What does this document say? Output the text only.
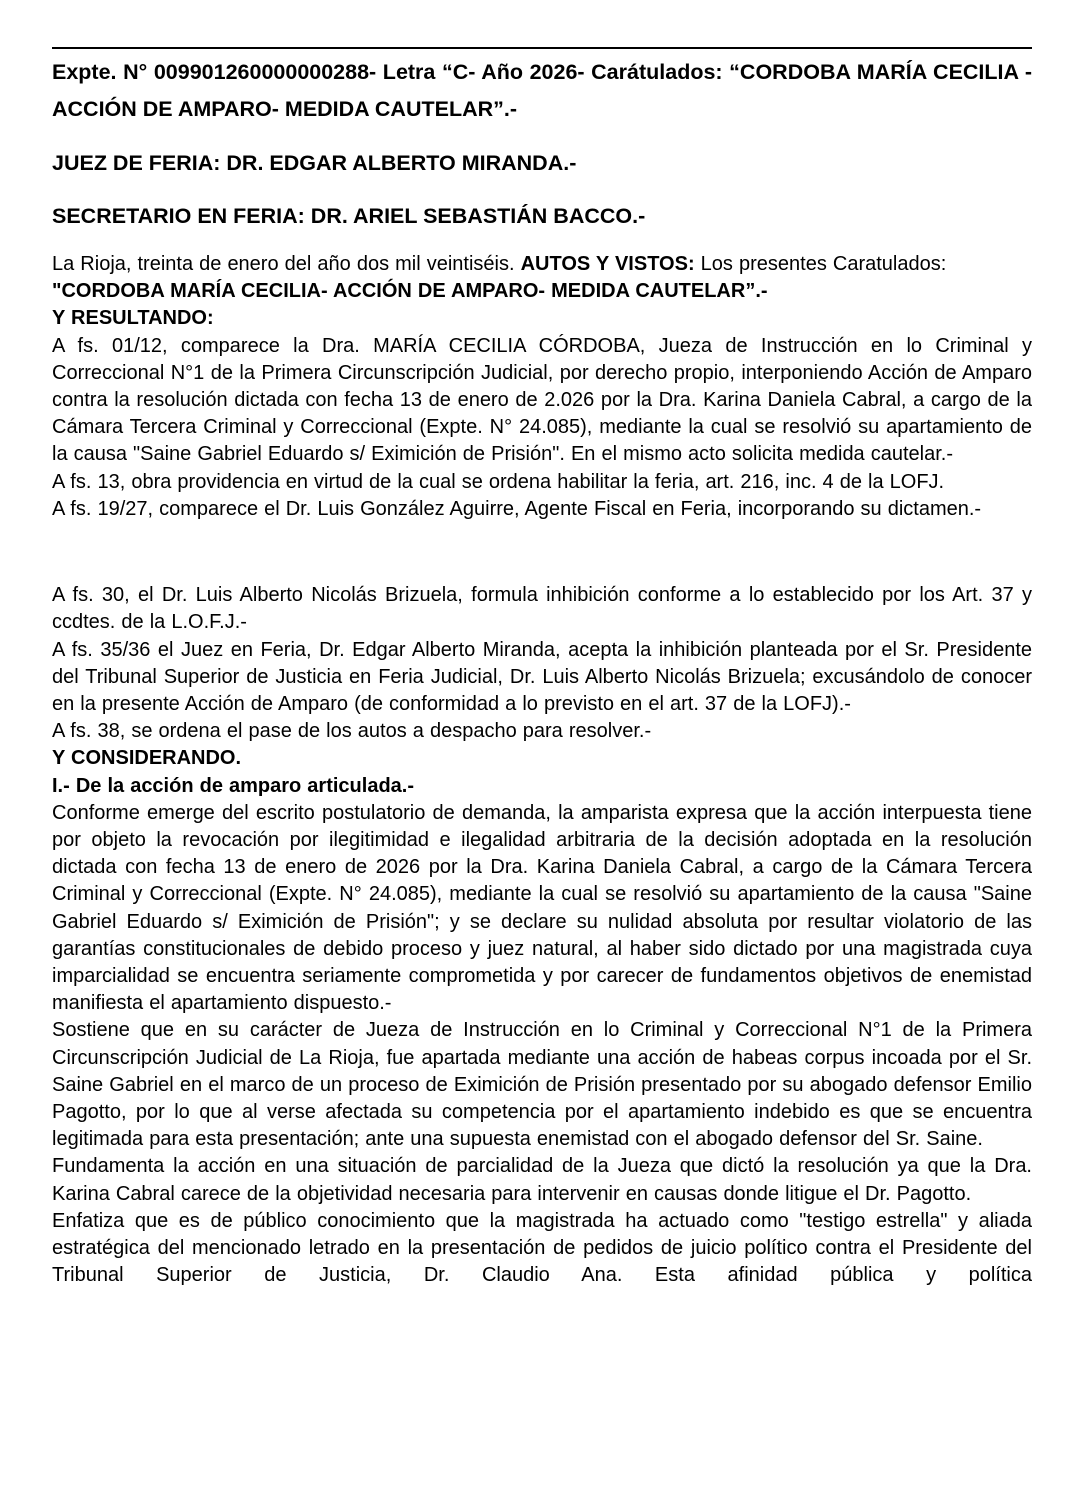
Expte. N° 009901260000000288- Letra “C- Año 2026- Carátulados: “CORDOBA MARÍA CECILIA - ACCIÓN DE AMPARO- MEDIDA CAUTELAR”.-
JUEZ DE FERIA: DR. EDGAR ALBERTO MIRANDA.-
SECRETARIO EN FERIA: DR. ARIEL SEBASTIÁN BACCO.-

La Rioja, treinta de enero del año dos mil veintiséis. AUTOS Y VISTOS: Los presentes Caratulados:

"CORDOBA MARÍA CECILIA- ACCIÓN DE AMPARO- MEDIDA CAUTELAR”.-

Y RESULTANDO:

A fs. 01/12, comparece la Dra. MARÍA CECILIA CÓRDOBA, Jueza de Instrucción en lo Criminal y Correccional N°1 de la Primera Circunscripción Judicial, por derecho propio, interponiendo Acción de Amparo contra la resolución dictada con fecha 13 de enero de 2.026 por la Dra. Karina Daniela Cabral, a cargo de la Cámara Tercera Criminal y Correccional (Expte. N° 24.085), mediante la cual se resolvió su apartamiento de la causa "Saine Gabriel Eduardo s/ Eximición de Prisión". En el mismo acto solicita medida cautelar.-

A fs. 13, obra providencia en virtud de la cual se ordena habilitar la feria, art. 216, inc. 4 de la LOFJ.

A fs. 19/27, comparece el Dr. Luis González Aguirre, Agente Fiscal en Feria, incorporando su dictamen.-

A fs. 30, el Dr. Luis Alberto Nicolás Brizuela, formula inhibición conforme a lo establecido por los Art. 37 y ccdtes. de la L.O.F.J.-

A fs. 35/36 el Juez en Feria, Dr. Edgar Alberto Miranda, acepta la inhibición planteada por el Sr. Presidente del Tribunal Superior de Justicia en Feria Judicial, Dr. Luis Alberto Nicolás Brizuela; excusándolo de conocer en la presente Acción de Amparo (de conformidad a lo previsto en el art. 37 de la LOFJ).-

A fs. 38, se ordena el pase de los autos a despacho para resolver.-

Y CONSIDERANDO.

I.- De la acción de amparo articulada.-

Conforme emerge del escrito postulatorio de demanda, la amparista expresa que la acción interpuesta tiene por objeto la revocación por ilegitimidad e ilegalidad arbitraria de la decisión adoptada en la resolución dictada con fecha 13 de enero de 2026 por la Dra. Karina Daniela Cabral, a cargo de la Cámara Tercera Criminal y Correccional (Expte. N° 24.085), mediante la cual se resolvió su apartamiento de la causa "Saine Gabriel Eduardo s/ Eximición de Prisión"; y se declare su nulidad absoluta por resultar violatorio de las garantías constitucionales de debido proceso y juez natural, al haber sido dictado por una magistrada cuya imparcialidad se encuentra seriamente comprometida y por carecer de fundamentos objetivos de enemistad manifiesta el apartamiento dispuesto.-

Sostiene que en su carácter de Jueza de Instrucción en lo Criminal y Correccional N°1 de la Primera Circunscripción Judicial de La Rioja, fue apartada mediante una acción de habeas corpus incoada por el Sr. Saine Gabriel en el marco de un proceso de Eximición de Prisión presentado por su abogado defensor Emilio Pagotto, por lo que al verse afectada su competencia por el apartamiento indebido es que se encuentra legitimada para esta presentación; ante una supuesta enemistad con el abogado defensor del Sr. Saine.

Fundamenta la acción en una situación de parcialidad de la Jueza que dictó la resolución ya que la Dra. Karina Cabral carece de la objetividad necesaria para intervenir en causas donde litigue el Dr. Pagotto.

Enfatiza que es de público conocimiento que la magistrada ha actuado como "testigo estrella" y aliada estratégica del mencionado letrado en la presentación de pedidos de juicio político contra el Presidente del Tribunal Superior de Justicia, Dr. Claudio Ana. Esta afinidad pública y política
